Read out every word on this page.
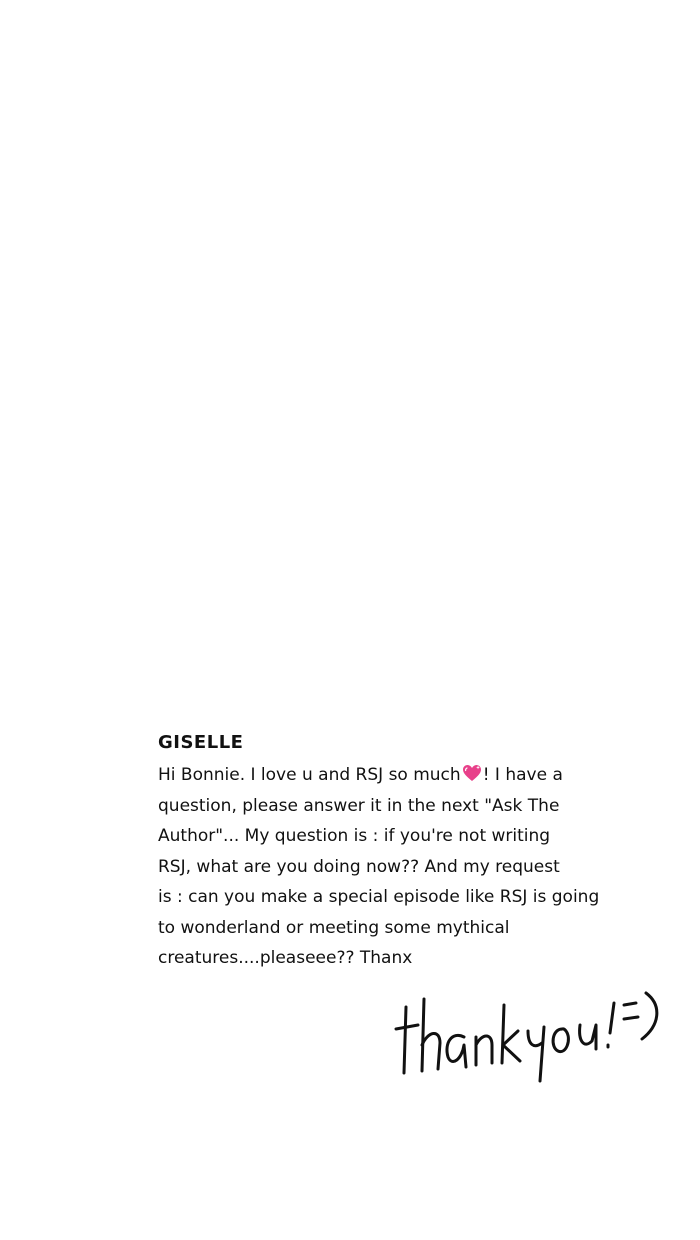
GISELLE
Hi Bonnie. I love u and RSJ so much ! I have a
question, please answer it in the next "Ask The
Author"... My question is : if you're not writing
RSJ, what are you doing now?? And my request
is : can you make a special episode like RSJ is going
to wonderland or meeting some mythical
creatures....pleaseee?? Thanx
